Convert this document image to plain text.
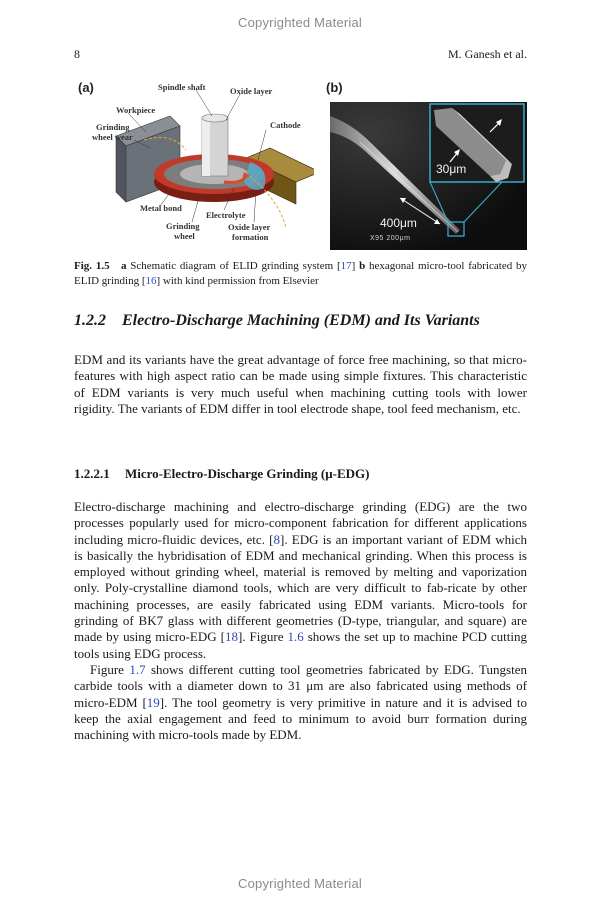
Copyrighted Material
8	M. Ganesh et al.
Spindle shaft	Oxide layer
Workpiece
Grinding
wheel wear
Cathode
Metal bond
Electrolyte
Grinding
wheel
Oxide layer
formation
(a)	(b)
30μm
400μm
X95 200μm
Fig. 1.5 a Schematic diagram of ELID grinding system [17] b hexagonal micro-tool fabricated by ELID grinding [16] with kind permission from Elsevier
1.2.2 Electro-Discharge Machining (EDM) and Its Variants

EDM and its variants have the great advantage of force free machining, so that micro-features with high aspect ratio can be made using simple fixtures. This characteristic of EDM variants is very much useful when machining cutting tools with lower rigidity. The variants of EDM differ in tool electrode shape, tool feed mechanism, etc.

1.2.2.1 Micro-Electro-Discharge Grinding (μ-EDG)

Electro-discharge machining and electro-discharge grinding (EDG) are the two processes popularly used for micro-component fabrication for different applications including micro-fluidic devices, etc. [8]. EDG is an important variant of EDM which is basically the hybridisation of EDM and mechanical grinding. When this process is employed without grinding wheel, material is removed by melting and vaporization only. Poly-crystalline diamond tools, which are very difficult to fab-ricate by other machining processes, are easily fabricated using EDM variants. Micro-tools for grinding of BK7 glass with different geometries (D-type, triangular, and square) are made by using micro-EDG [18]. Figure 1.6 shows the set up to machine PCD cutting tools using EDG process.

Figure 1.7 shows different cutting tool geometries fabricated by EDG. Tungsten carbide tools with a diameter down to 31 μm are also fabricated using methods of micro-EDM [19]. The tool geometry is very primitive in nature and it is advised to keep the axial engagement and feed to minimum to avoid burr formation during machining with micro-tools made by EDM.

Copyrighted Material
